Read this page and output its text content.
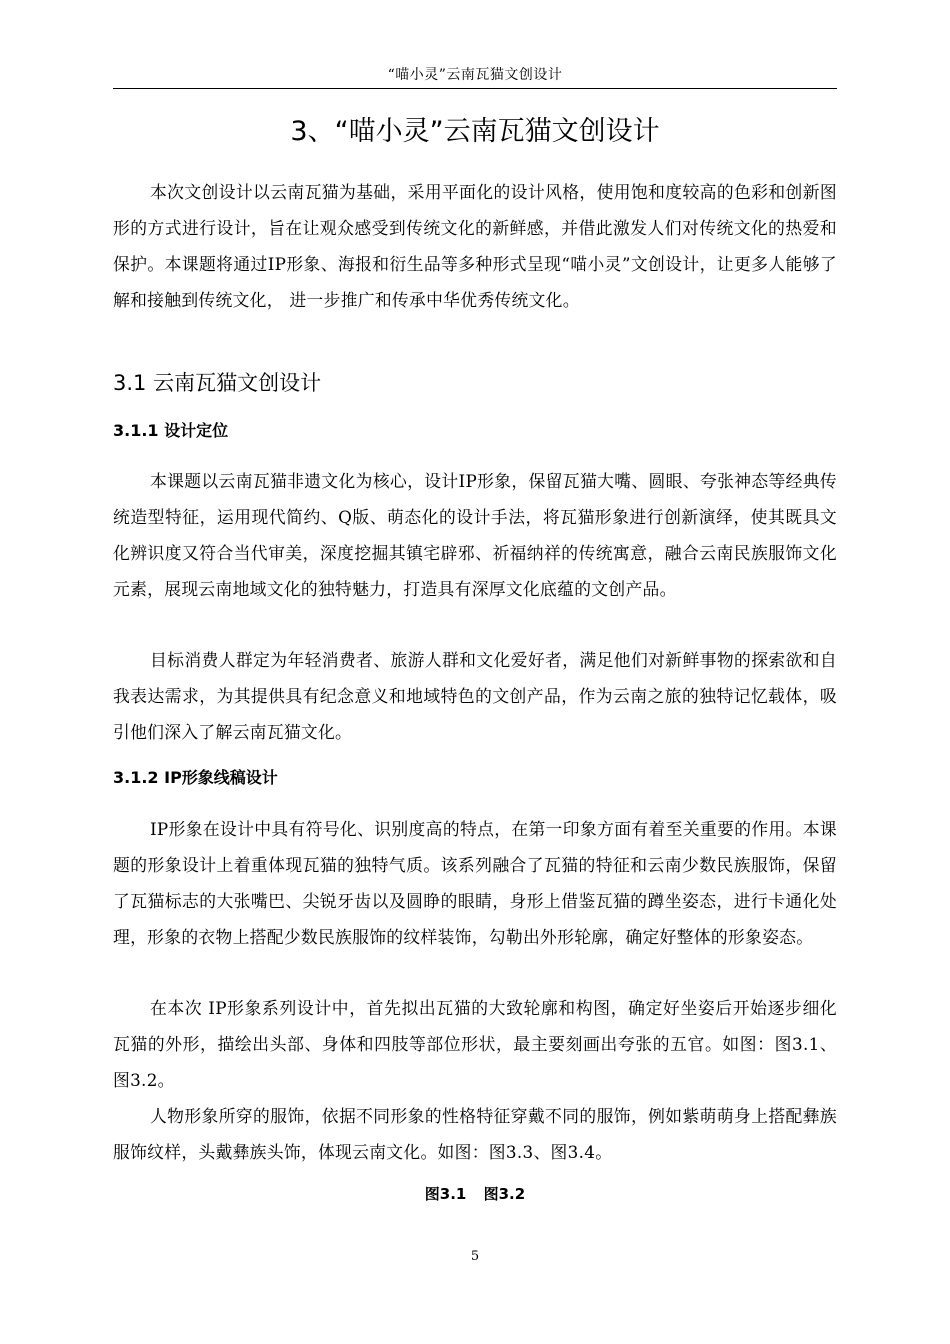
“喵小灵”云南瓦猫文创设计
3、“喵小灵”云南瓦猫文创设计

本次文创设计以云南瓦猫为基础，采用平面化的设计风格，使用饱和度较高的色彩和创新图形的方式进行设计，旨在让观众感受到传统文化的新鲜感，并借此激发人们对传统文化的热爱和保护。本课题将通过IP形象、海报和衍生品等多种形式呈现“喵小灵”文创设计，让更多人能够了解和接触到传统文化， 进一步推广和传承中华优秀传统文化。

3.1 云南瓦猫文创设计
3.1.1 设计定位

本课题以云南瓦猫非遗文化为核心，设计IP形象，保留瓦猫大嘴、圆眼、夸张神态等经典传统造型特征，运用现代简约、Q版、萌态化的设计手法，将瓦猫形象进行创新演绎，使其既具文化辨识度又符合当代审美，深度挖掘其镇宅辟邪、祈福纳祥的传统寓意，融合云南民族服饰文化元素，展现云南地域文化的独特魅力，打造具有深厚文化底蕴的文创产品。

目标消费人群定为年轻消费者、旅游人群和文化爱好者，满足他们对新鲜事物的探索欲和自我表达需求，为其提供具有纪念意义和地域特色的文创产品，作为云南之旅的独特记忆载体，吸引他们深入了解云南瓦猫文化。

3.1.2 IP形象线稿设计

IP形象在设计中具有符号化、识别度高的特点，在第一印象方面有着至关重要的作用。本课题的形象设计上着重体现瓦猫的独特气质。该系列融合了瓦猫的特征和云南少数民族服饰，保留了瓦猫标志的大张嘴巴、尖锐牙齿以及圆睁的眼睛，身形上借鉴瓦猫的蹲坐姿态，进行卡通化处理，形象的衣物上搭配少数民族服饰的纹样装饰，勾勒出外形轮廓，确定好整体的形象姿态。

在本次 IP形象系列设计中，首先拟出瓦猫的大致轮廓和构图，确定好坐姿后开始逐步细化瓦猫的外形，描绘出头部、身体和四肢等部位形状，最主要刻画出夸张的五官。如图：图3.1、图3.2。

人物形象所穿的服饰，依据不同形象的性格特征穿戴不同的服饰，例如紫萌萌身上搭配彝族服饰纹样，头戴彝族头饰，体现云南文化。如图：图3.3、图3.4。

图3.1 图3.2

5
